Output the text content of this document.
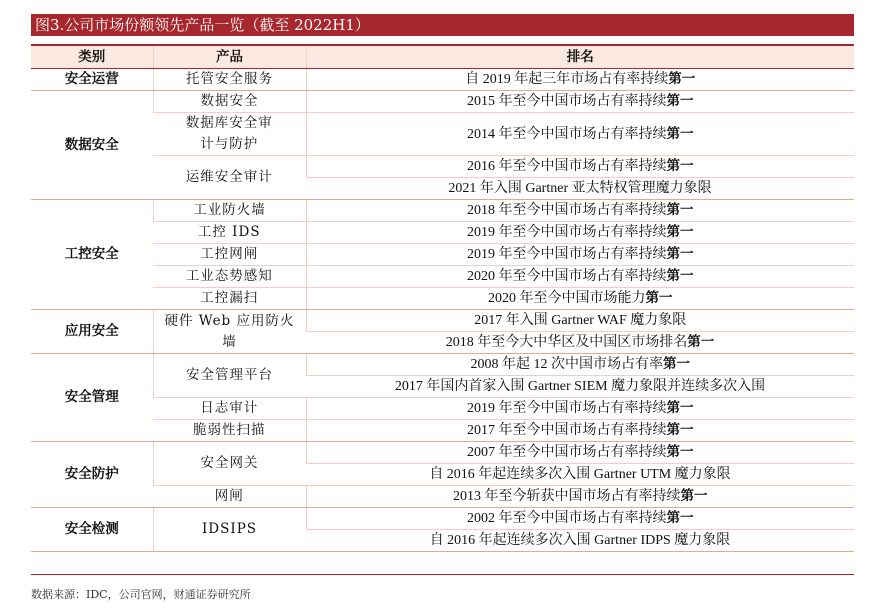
图3.公司市场份额领先产品一览（截至 2022H1）
类别	产品	排名
安全运营	托管安全服务	自 2019 年起三年市场占有率持续第一
数据安全	数据安全	2015 年至今中国市场占有率持续第一
	数据库安全审计与防护	2014 年至今中国市场占有率持续第一
	运维安全审计	2016 年至今中国市场占有率持续第一
		2021 年入围 Gartner 亚太特权管理魔力象限
工控安全	工业防火墙	2018 年至今中国市场占有率持续第一
	工控 IDS	2019 年至今中国市场占有率持续第一
	工控网闸	2019 年至今中国市场占有率持续第一
	工业态势感知	2020 年至今中国市场占有率持续第一
	工控漏扫	2020 年至今中国市场能力第一
应用安全	硬件 Web 应用防火墙	2017 年入围 Gartner WAF 魔力象限
		2018 年至今大中华区及中国区市场排名第一
安全管理	安全管理平台	2008 年起 12 次中国市场占有率第一
		2017 年国内首家入围 Gartner SIEM 魔力象限并连续多次入围
	日志审计	2019 年至今中国市场占有率持续第一
	脆弱性扫描	2017 年至今中国市场占有率持续第一
安全防护	安全网关	2007 年至今中国市场占有率持续第一
		自 2016 年起连续多次入围 Gartner UTM 魔力象限
	网闸	2013 年至今斩获中国市场占有率持续第一
安全检测	IDSIPS	2002 年至今中国市场占有率持续第一
		自 2016 年起连续多次入围 Gartner IDPS 魔力象限
数据来源：IDC，公司官网，财通证券研究所
